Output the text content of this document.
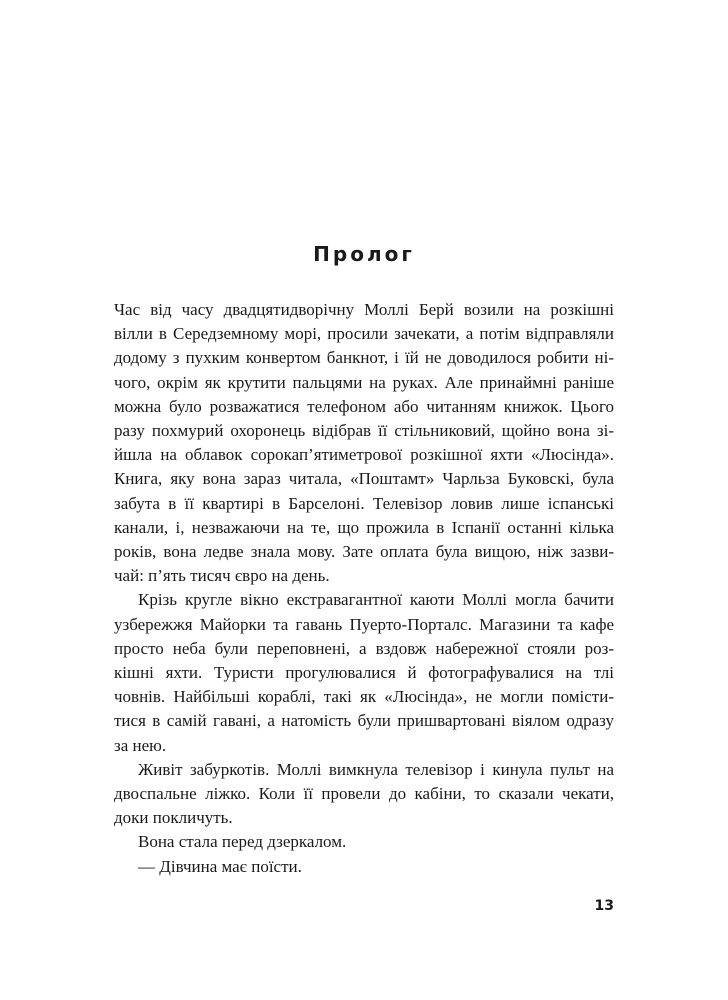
Пролог
Час від часу двадцятидворічну Моллі Берй возили на розкішні
вілли в Середземному морі, просили зачекати, а потім відправляли
додому з пухким конвертом банкнот, і їй не доводилося робити ні-
чого, окрім як крутити пальцями на руках. Але принаймні раніше
можна було розважатися телефоном або читанням книжок. Цього
разу похмурий охоронець відібрав її стільниковий, щойно вона зі-
йшла на облавок сорокап’ятиметрової розкішної яхти «Люсінда».
Книга, яку вона зараз читала, «Поштамт» Чарльза Буковскі, була
забута в її квартирі в Барселоні. Телевізор ловив лише іспанські
канали, і, незважаючи на те, що прожила в Іспанії останні кілька
років, вона ледве знала мову. Зате оплата була вищою, ніж зазви-
чай: п’ять тисяч євро на день.
Крізь кругле вікно екстравагантної каюти Моллі могла бачити
узбережжя Майорки та гавань Пуерто-Порталс. Магазини та кафе
просто неба були переповнені, а вздовж набережної стояли роз-
кішні яхти. Туристи прогулювалися й фотографувалися на тлі
човнів. Найбільші кораблі, такі як «Люсінда», не могли помісти-
тися в самій гавані, а натомість були пришвартовані віялом одразу
за нею.
Живіт забуркотів. Моллі вимкнула телевізор і кинула пульт на
двоспальне ліжко. Коли її провели до кабіни, то сказали чекати,
доки покличуть.
Вона стала перед дзеркалом.
— Дівчина має поїсти.
13
